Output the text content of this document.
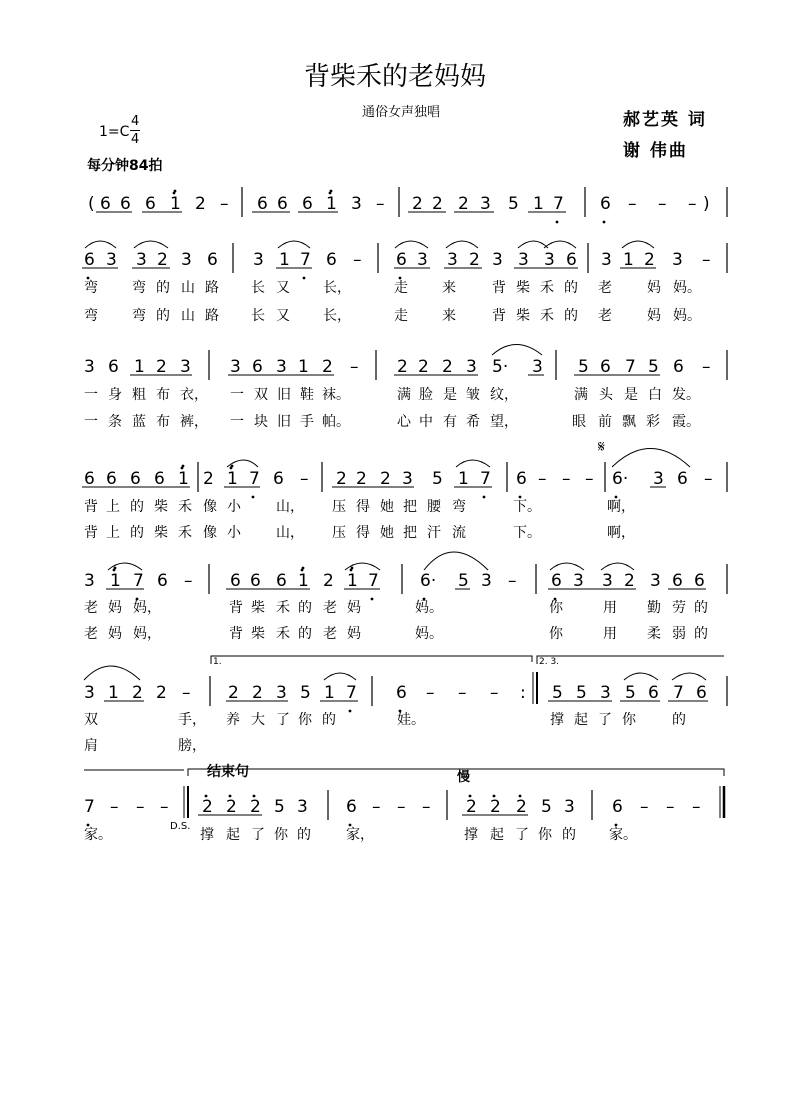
背柴禾的老妈妈
通俗女声独唱	郝艺英 词
谢 伟曲
1=C
4
4
每分钟84拍
( 6 6 6 1 2 – 6 6 6 1 3 – 2 2 2 3 5 1 7 6 – – – )
6 3 3 2 3 6 3 1 7 6 – 6 3 3 2 3 3 3 6 3 1 2 3 –
弯 弯 的 山 路 长 又 长，	走 来	背 柴 禾 的 老	妈 妈。
弯 弯 的 山 路 长 又 长，	走 来	背 柴 禾 的 老	妈 妈。
3 6 1 2 3 3 6 3 1 2 – 2 2 2 3 5· 3 5 6 7 5 6 –
一 身 粗 布 衣， 一 双 旧 鞋 袜。	满 脸 是 皱 纹，	满 头 是 白 发。
一 条 蓝 布 裤， 一 块 旧 手 帕。	心 中 有 希 望，	眼 前 飘 彩 霞。
6 6 6 6 1 2 1 7 6 – 2 2 2 3 5 1 7 6 – – – 6· 3 6 –
背 上 的 柴 禾 像 小	山， 压 得 她 把 腰 弯	下。	啊，
背 上 的 柴 禾 像 小	山， 压 得 她 把 汗 流	下。	啊，
3 1 7 6 – 6 6 6 1 2 1 7 6· 5 3 – 6 3 3 2 3 6 6
老 妈 妈，	背 柴 禾 的 老 妈	妈。	你	用 勤 劳 的
老 妈 妈，	背 柴 禾 的 老 妈	妈。	你	用 柔 弱 的
3 1 2 2 – 2 2 3 5 1 7 6 – – – : 5 5 3 5 6 7 6
双	手， 养 大 了 你 的	娃。	撑 起 了 你	的
肩	膀，
7 – – – 2 2 2 5 3 6 – – – 2 2 2 5 3 6 – – –
家。	撑 起 了 你 的	家，	撑 起 了 你 的 家。
1.	2. 3.
结束句	慢
D.S.
𝄋
